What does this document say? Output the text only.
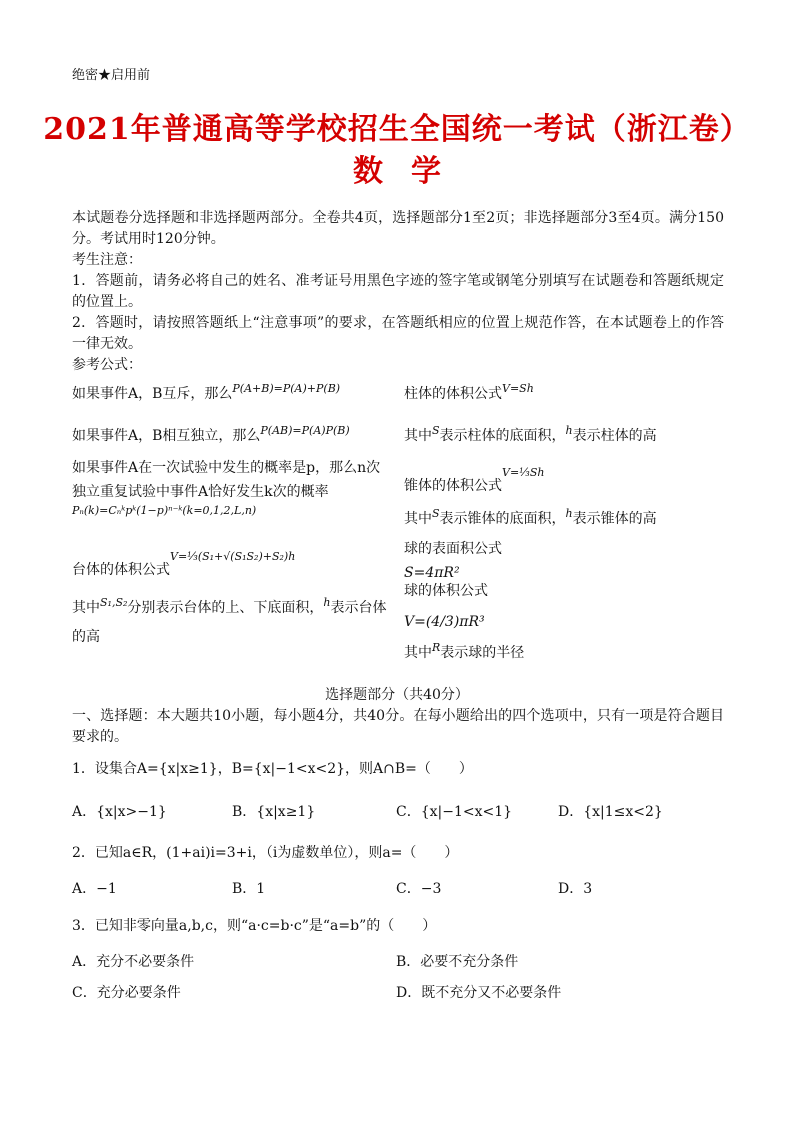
绝密★启用前
2021年普通高等学校招生全国统一考试（浙江卷）
数学
本试题卷分选择题和非选择题两部分。全卷共4页，选择题部分1至2页；非选择题部分3至4页。满分150分。考试用时120分钟。
考生注意：
1．答题前，请务必将自己的姓名、准考证号用黑色字迹的签字笔或钢笔分别填写在试题卷和答题纸规定的位置上。
2．答题时，请按照答题纸上“注意事项”的要求，在答题纸相应的位置上规范作答，在本试题卷上的作答一律无效。
参考公式：
如果事件A，B互斥，那么$^{P(A+B)=P(A)+P(B)}$
如果事件A，B相互独立，那么$^{P(AB)=P(A)P(B)}$
如果事件A在一次试验中发生的概率是p，那么n次独立重复试验中事件A恰好发生k次的概率$^{P_n(k)=C_nᵏpᵏ(1-p)^{n-}ᵏ(k=0,1,2,L,n)}$
台体的体积公式$^{V=\frac{1}{3}(S_1+√(S_1S_2)+S_2)h}$
其中$^{S_1,S_2}$分别表示台体的上、下底面积，$^h$表示台体的高
柱体的体积公式$^{V=Sh}$
其中$^S$表示柱体的底面积，$^h$表示柱体的高
锥体的体积公式$^{V=\frac{1}{3}Sh}$
其中$^S$表示锥体的底面积，$^h$表示锥体的高
球的表面积公式
S=4πR²
球的体积公式
V=(4/3)πR³
其中$^R$表示球的半径
选择题部分（共40分）
一、选择题：本大题共10小题，每小题4分，共40分。在每小题给出的四个选项中，只有一项是符合题目要求的。
1．设集合A={x|x≥1}，B={x|−1<x<2}，则A∩B=（　　）
A．{x|x>−1}	B．{x|x≥1}	C．{x|−1<x<1}	D．{x|1≤x<2}
2．已知a∈R，(1+ai)i=3+i，（i为虚数单位），则a=（　　）
A．−1	B．1	C．−3	D．3
3．已知非零向量a,b,c，则“a·c=b·c”是“a=b”的（　　）
A．充分不必要条件	B．必要不充分条件
C．充分必要条件	D．既不充分又不必要条件
